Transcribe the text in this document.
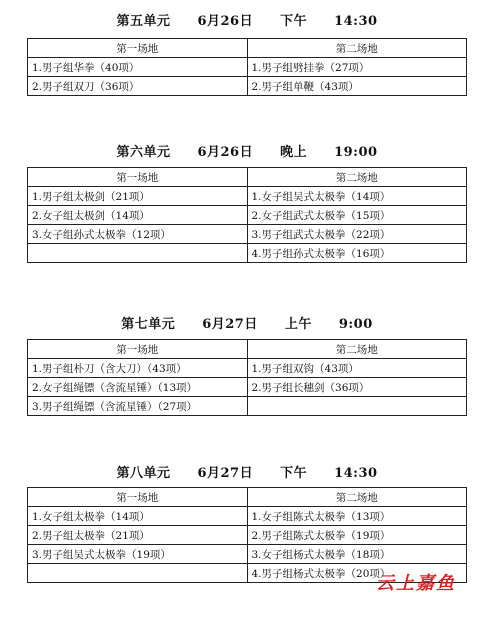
第五单元　　6月26日　　下午　　14:30
第一场地	第二场地
1.男子组华拳（40项）	1.男子组劈挂拳（27项）
2.男子组双刀（36项）	2.男子组单鞭（43项）
第六单元　　6月26日　　晚上　　19:00
第一场地	第二场地
1.男子组太极剑（21项）	1.女子组吴式太极拳（14项）
2.女子组太极剑（14项）	2.女子组武式太极拳（15项）
3.女子组孙式太极拳（12项）	3.男子组武式太极拳（22项）
	4.男子组孙式太极拳（16项）
第七单元　　6月27日　　上午　　9:00
第一场地	第二场地
1.男子组朴刀（含大刀）（43项）	1.男子组双钩（43项）
2.女子组绳镖（含流星锤）（13项）	2.男子组长穗剑（36项）
3.男子组绳镖（含流星锤）（27项）	
第八单元　　6月27日　　下午　　14:30
第一场地	第二场地
1.女子组太极拳（14项）	1.女子组陈式太极拳（13项）
2.男子组太极拳（21项）	2.男子组陈式太极拳（19项）
3.男子组吴式太极拳（19项）	3.女子组杨式太极拳（18项）
	4.男子组杨式太极拳（20项）
云上嘉鱼
